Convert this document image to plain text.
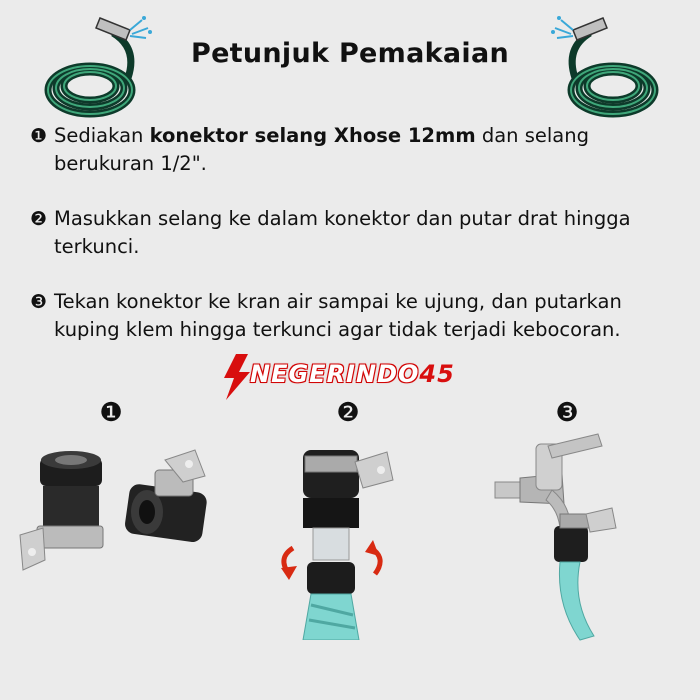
Petunjuk Pemakaian
❶ Sediakan konektor selang Xhose 12mm dan selang berukuran 1/2".
❷ Masukkan selang ke dalam konektor dan putar drat hingga terkunci.
❸ Tekan konektor ke kran air sampai ke ujung, dan putarkan kuping klem hingga terkunci agar tidak terjadi kebocoran.
NEGERINDO45
❶	❷	❸
